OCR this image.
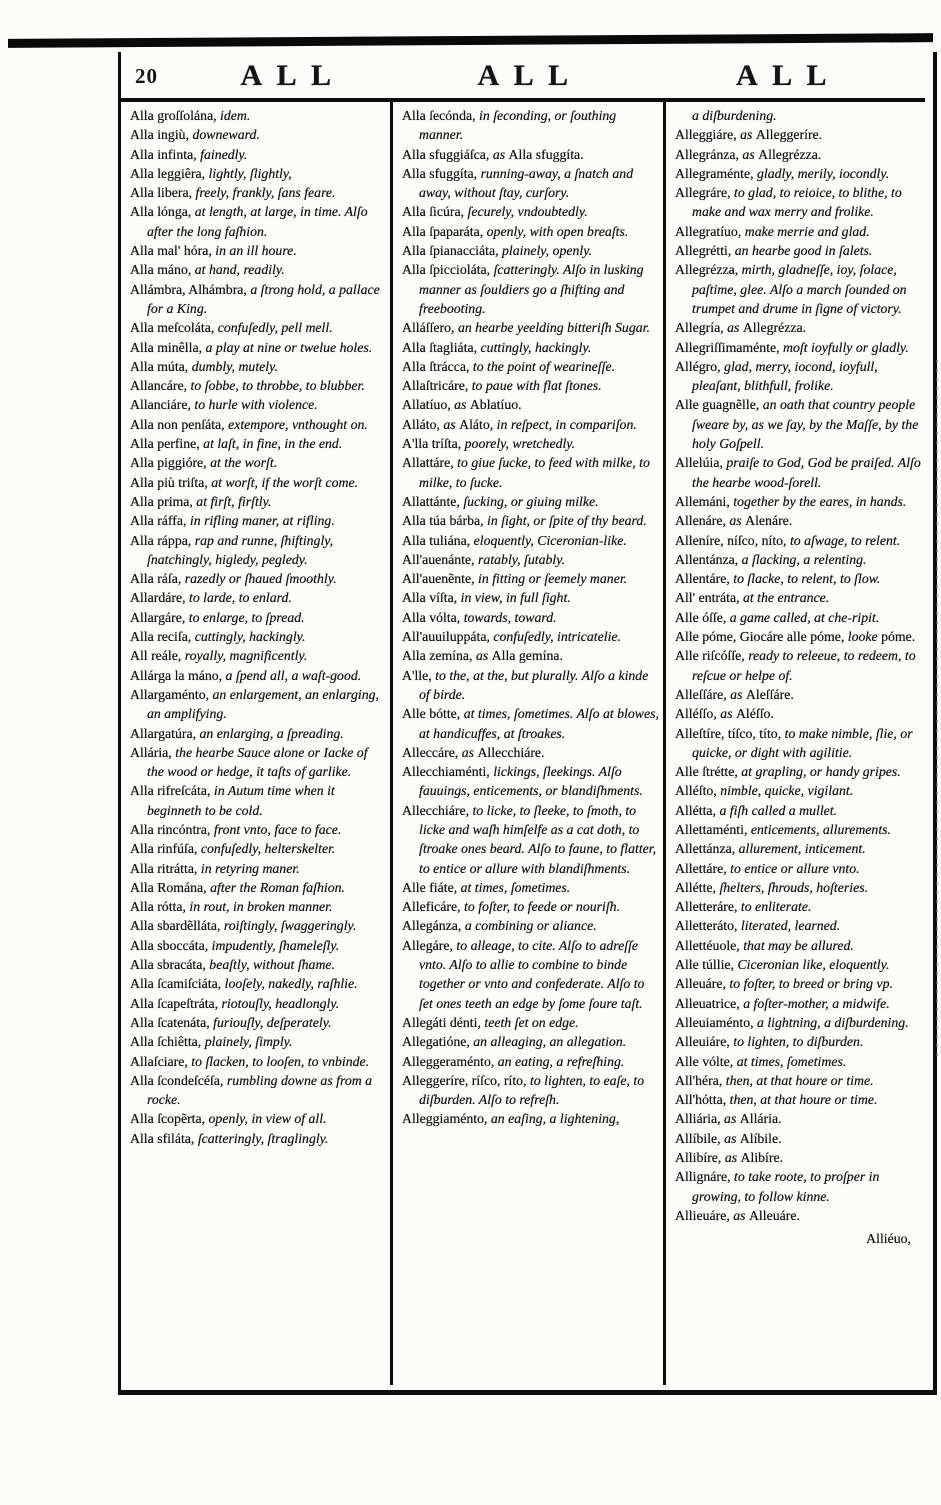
20	ALL	ALL	ALL
Alla groſſolána, idem.
Alla ingiù, downeward.
Alla infinta, fainedly.
Alla leggiêra, lightly, ſlightly,
Alla libera, freely, frankly, ſans feare.
Alla lónga, at length, at large, in time. Alſo after the long faſhion.
Alla mal' hóra, in an ill houre.
Alla máno, at hand, readily.
Allámbra, Alhámbra, a ſtrong hold, a pallace for a King.
Alla meſcoláta, confuſedly, pell mell.
Alla minêlla, a play at nine or twelue holes.
Alla múta, dumbly, mutely.
Allancáre, to ſobbe, to throbbe, to blubber.
Allanciáre, to hurle with violence.
Alla non penſáta, extempore, vnthought on.
Alla perfine, at laſt, in fine, in the end.
Alla piggióre, at the worſt.
Alla più triſta, at worſt, if the worſt come.
Alla prima, at firſt, firſtly.
Alla ráffa, in rifling maner, at rifling.
Alla ráppa, rap and runne, ſhiftingly, ſnatchingly, higledy, pegledy.
Alla ráſa, razedly or ſhaued ſmoothly.
Allardáre, to larde, to enlard.
Allargáre, to enlarge, to ſpread.
Alla reciſa, cuttingly, hackingly.
All reále, royally, magnificently.
Allárga la máno, a ſpend all, a waſt-good.
Allargaménto, an enlargement, an enlarging, an amplifying.
Allargatúra, an enlarging, a ſpreading.
Allária, the hearbe Sauce alone or Iacke of the wood or hedge, it taſts of garlike.
Alla rifreſcáta, in Autum time when it beginneth to be cold.
Alla rincóntra, front vnto, face to face.
Alla rinfúſa, confuſedly, helterskelter.
Alla ritrátta, in retyring maner.
Alla Romána, after the Roman faſhion.
Alla rótta, in rout, in broken manner.
Alla sbardẽlláta, roiſtingly, ſwaggeringly.
Alla sboccáta, impudently, ſhameleſly.
Alla sbracáta, beaſtly, without ſhame.
Alla ſcamiſciáta, looſely, nakedly, raſhlie.
Alla ſcapeſtráta, riotouſly, headlongly.
Alla ſcatenáta, furiouſly, deſperately.
Alla ſchiêtta, plainely, ſimply.
Allaſciare, to ſlacken, to looſen, to vnbinde.
Alla ſcondeſcéſa, rumbling downe as from a rocke.
Alla ſcopẽrta, openly, in view of all.
Alla sfiláta, ſcatteringly, ſtraglingly.
Alla ſecónda, in ſeconding, or ſouthing manner.
Alla sfuggiáſca, as Alla sfuggíta.
Alla sfuggíta, running-away, a ſnatch and away, without ſtay, curſory.
Alla ſicúra, ſecurely, vndoubtedly.
Alla ſpaparáta, openly, with open breaſts.
Alla ſpianacciáta, plainely, openly.
Alla ſpiccioláta, ſcatteringly. Alſo in lusking manner as ſouldiers go a ſhifting and freebooting.
Alláſſero, an hearbe yeelding bitteriſh Sugar.
Alla ſtagliáta, cuttingly, hackingly.
Alla ſtrácca, to the point of wearineſſe.
Allaſtricáre, to paue with flat ſtones.
Allatíuo, as Ablatíuo.
Alláto, as Aláto, in reſpect, in compariſon.
A'lla tríſta, poorely, wretchedly.
Allattáre, to giue ſucke, to feed with milke, to milke, to ſucke.
Allattánte, ſucking, or giuing milke.
Alla túa bárba, in ſight, or ſpite of thy beard.
Alla tuliána, eloquently, Ciceronian-like.
All'auenánte, ratably, ſutably.
All'auenẽnte, in fitting or ſeemely maner.
Alla víſta, in view, in full ſight.
Alla vólta, towards, toward.
All'auuiluppáta, confuſedly, intricatelie.
Alla zemína, as Alla gemína.
A'lle, to the, at the, but plurally. Alſo a kinde of birde.
Alle bótte, at times, ſometimes. Alſo at blowes, at handicuffes, at ſtroakes.
Alleccáre, as Allecchiáre.
Allecchiaménti, lickings, ſleekings. Alſo fauuings, enticements, or blandiſhments.
Allecchiáre, to licke, to ſleeke, to ſmoth, to licke and waſh himſelfe as a cat doth, to ſtroake ones beard. Alſo to faune, to flatter, to entice or allure with blandiſhments.
Alle fiáte, at times, ſometimes.
Alleficáre, to foſter, to feede or nouriſh.
Allegánza, a combining or aliance.
Allegáre, to alleage, to cite. Alſo to adreſſe vnto. Alſo to allie to combine to binde together or vnto and confederate. Alſo to ſet ones teeth an edge by ſome ſoure taſt.
Allegáti dénti, teeth ſet on edge.
Allegatióne, an alleaging, an allegation.
Alleggeraménto, an eating, a refreſhing.
Alleggeríre, ríſco, ríto, to lighten, to eaſe, to diſburden. Alſo to refreſh.
Alleggiaménto, an eaſing, a lightening,
a diſburdening.
Alleggiáre, as Alleggeríre.
Allegránza, as Allegrézza.
Allegraménte, gladly, merily, iocondly.
Allegráre, to glad, to reioice, to blithe, to make and wax merry and frolike.
Allegratíuo, make merrie and glad.
Allegrétti, an hearbe good in ſalets.
Allegrézza, mirth, gladneſſe, ioy, ſolace, paſtime, glee. Alſo a march ſounded on trumpet and drume in ſigne of victory.
Allegría, as Allegrézza.
Allegriſſimaménte, moſt ioyfully or gladly.
Allégro, glad, merry, iocond, ioyfull, pleaſant, blithfull, frolike.
Alle guagnẽlle, an oath that country people ſweare by, as we ſay, by the Maſſe, by the holy Goſpell.
Allelúia, praiſe to God, God be praiſed. Alſo the hearbe wood-ſorell.
Allemáni, together by the eares, in hands.
Allenáre, as Alenáre.
Alleníre, níſco, níto, to aſwage, to relent.
Allentánza, a ſlacking, a relenting.
Allentáre, to ſlacke, to relent, to ſlow.
All' entráta, at the entrance.
Alle óſſe, a game called, at che-ripit.
Alle póme, Giocáre alle póme, looke póme.
Alle riſcóſſe, ready to releeue, to redeem, to reſcue or helpe of.
Alleſſáre, as Aleſſáre.
Alléſſo, as Aléſſo.
Alleſtíre, tíſco, títo, to make nimble, ſlie, or quicke, or dight with agilitie.
Alle ſtrétte, at grapling, or handy gripes.
Alléſto, nimble, quicke, vigilant.
Allétta, a fiſh called a mullet.
Allettaménti, enticements, allurements.
Allettánza, allurement, inticement.
Allettáre, to entice or allure vnto.
Allétte, ſhelters, ſhrouds, hoſteries.
Alletteráre, to enliterate.
Alletteráto, literated, learned.
Allettéuole, that may be allured.
Alle túllie, Ciceronian like, eloquently.
Alleuáre, to foſter, to breed or bring vp.
Alleuatrice, a foſter-mother, a midwife.
Alleuiaménto, a lightning, a diſburdening.
Alleuiáre, to lighten, to diſburden.
Alle vólte, at times, ſometimes.
All'héra, then, at that houre or time.
All'hótta, then, at that houre or time.
Alliária, as Allária.
Allíbile, as Alíbile.
Allibíre, as Alibíre.
Allignáre, to take roote, to proſper in growing, to follow kinne.
Allieuáre, as Alleuáre.
Alliéuo,
